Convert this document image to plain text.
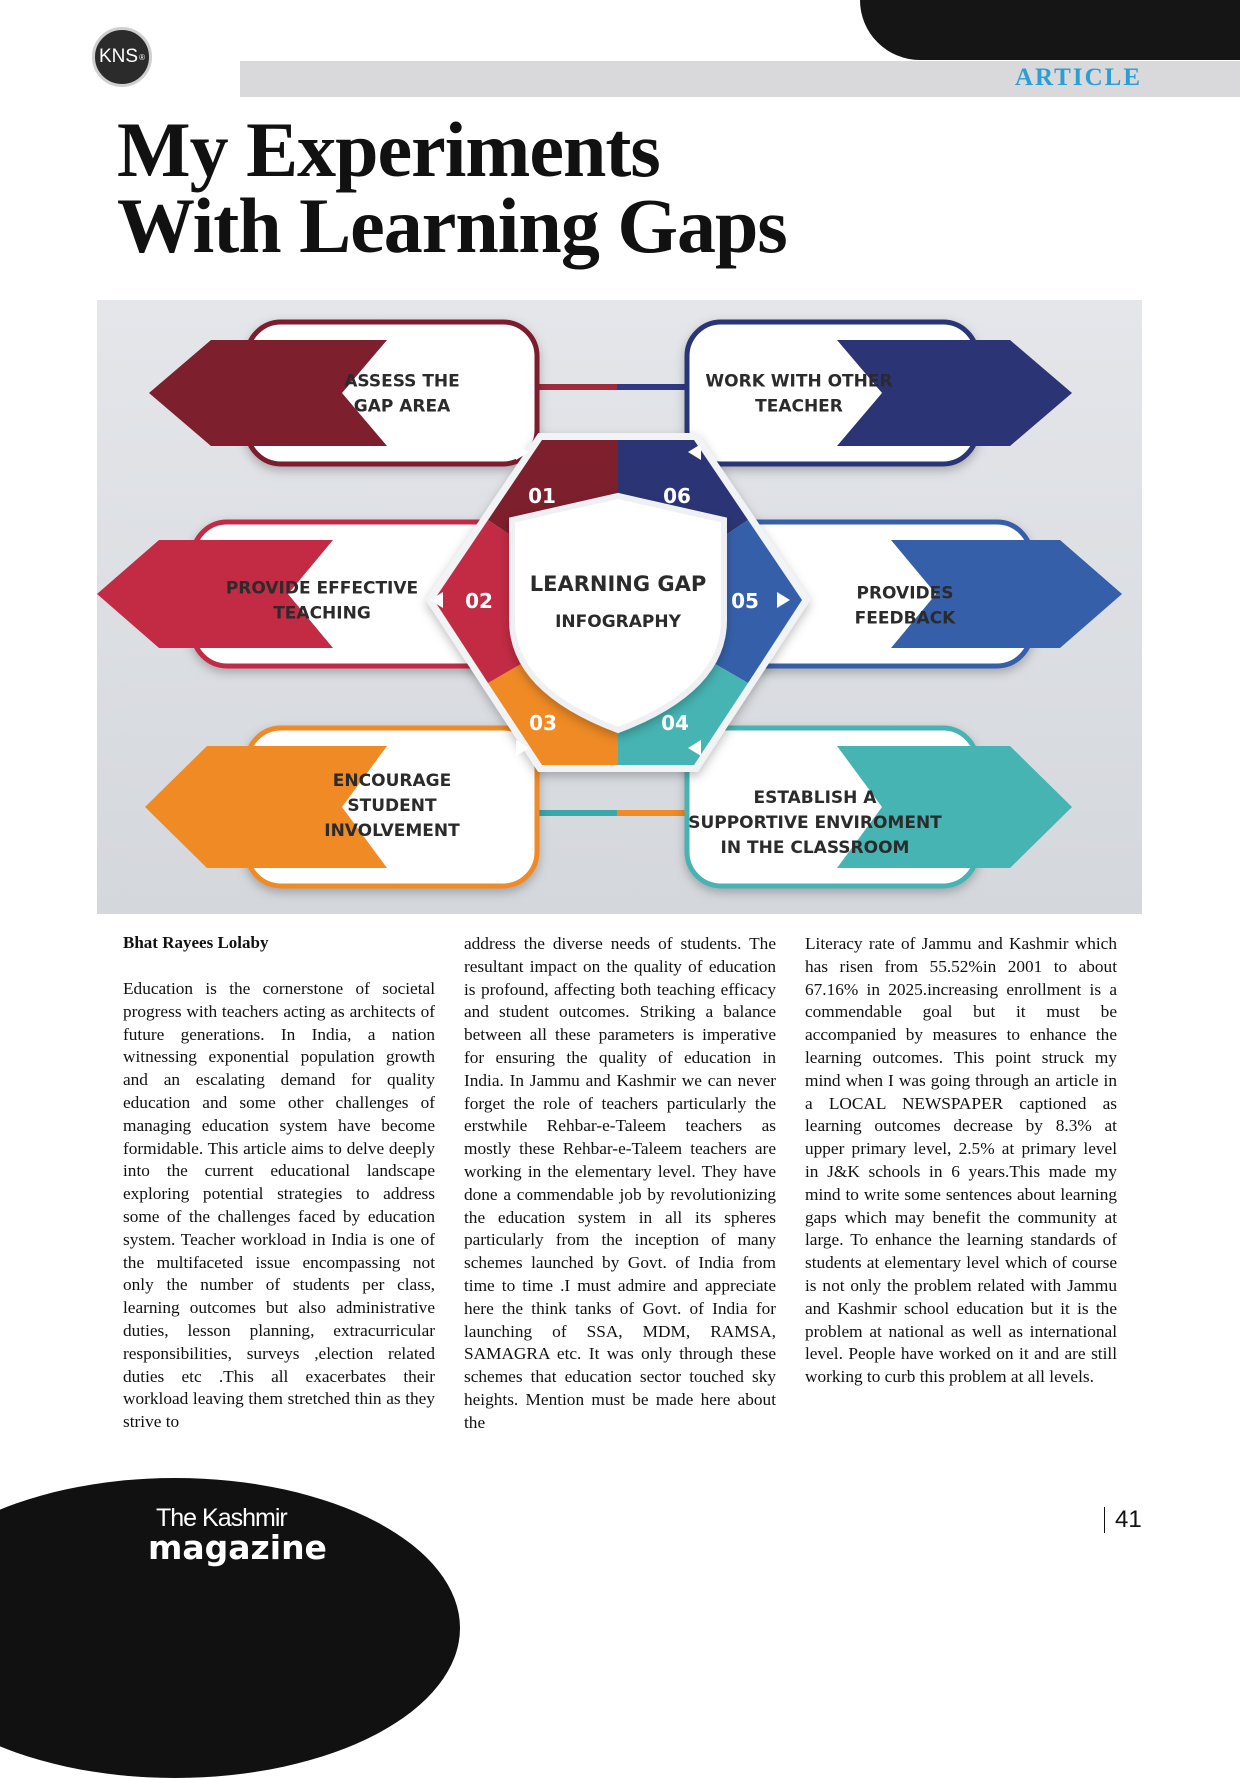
ARTICLE
KNS ®
My Experiments
With Learning Gaps
ASSESS THE
GAP AREA
PROVIDE EFFECTIVE
TEACHING
ENCOURAGE
STUDENT
INVOLVEMENT
WORK WITH OTHER
TEACHER
PROVIDES
FEEDBACK
ESTABLISH A
SUPPORTIVE ENVIROMENT
IN THE CLASSROOM
01	06
05
04
03
02
LEARNING GAP
INFOGRAPHY

Bhat Rayees Lolaby

Education is the cornerstone of societal progress with teachers acting as architects of future generations. In India, a nation witnessing exponential population growth and an escalating demand for quality education and some other challenges of managing education system have become formidable. This article aims to delve deeply into the current educational landscape exploring potential strategies to address some of the challenges faced by education system. Teacher workload in India is one of the multifaceted issue encompassing not only the number of students per class, learning outcomes but also administrative duties, lesson planning, extracurricular responsibilities, surveys ,election related duties etc .This all exacerbates their workload leaving them stretched thin as they strive to

address the diverse needs of students. The resultant impact on the quality of education is profound, affecting both teaching efficacy and student outcomes. Striking a balance between all these parameters is imperative for ensuring the quality of education in India. In Jammu and Kashmir we can never forget the role of teachers particularly the erstwhile Rehbar-e-Taleem teachers as mostly these Rehbar-e-Taleem teachers are working in the elementary level. They have done a commendable job by revolutionizing the education system in all its spheres particularly from the inception of many schemes launched by Govt. of India from time to time .I must admire and appreciate here the think tanks of Govt. of India for launching of SSA, MDM, RAMSA, SAMAGRA etc. It was only through these schemes that education sector touched sky heights. Mention must be made here about the

Literacy rate of Jammu and Kashmir which has risen from 55.52%in 2001 to about 67.16% in 2025.increasing enrollment is a commendable goal but it must be accompanied by measures to enhance the learning outcomes. This point struck my mind when I was going through an article in a LOCAL NEWSPAPER captioned as learning outcomes decrease by 8.3% at upper primary level, 2.5% at primary level in J&K schools in 6 years.This made my mind to write some sentences about learning gaps which may benefit the community at large. To enhance the learning standards of students at elementary level which of course is not only the problem related with Jammu and Kashmir school education but it is the problem at national as well as international level. People have worked on it and are still working to curb this problem at all levels.

The Kashmir
magazine
41
